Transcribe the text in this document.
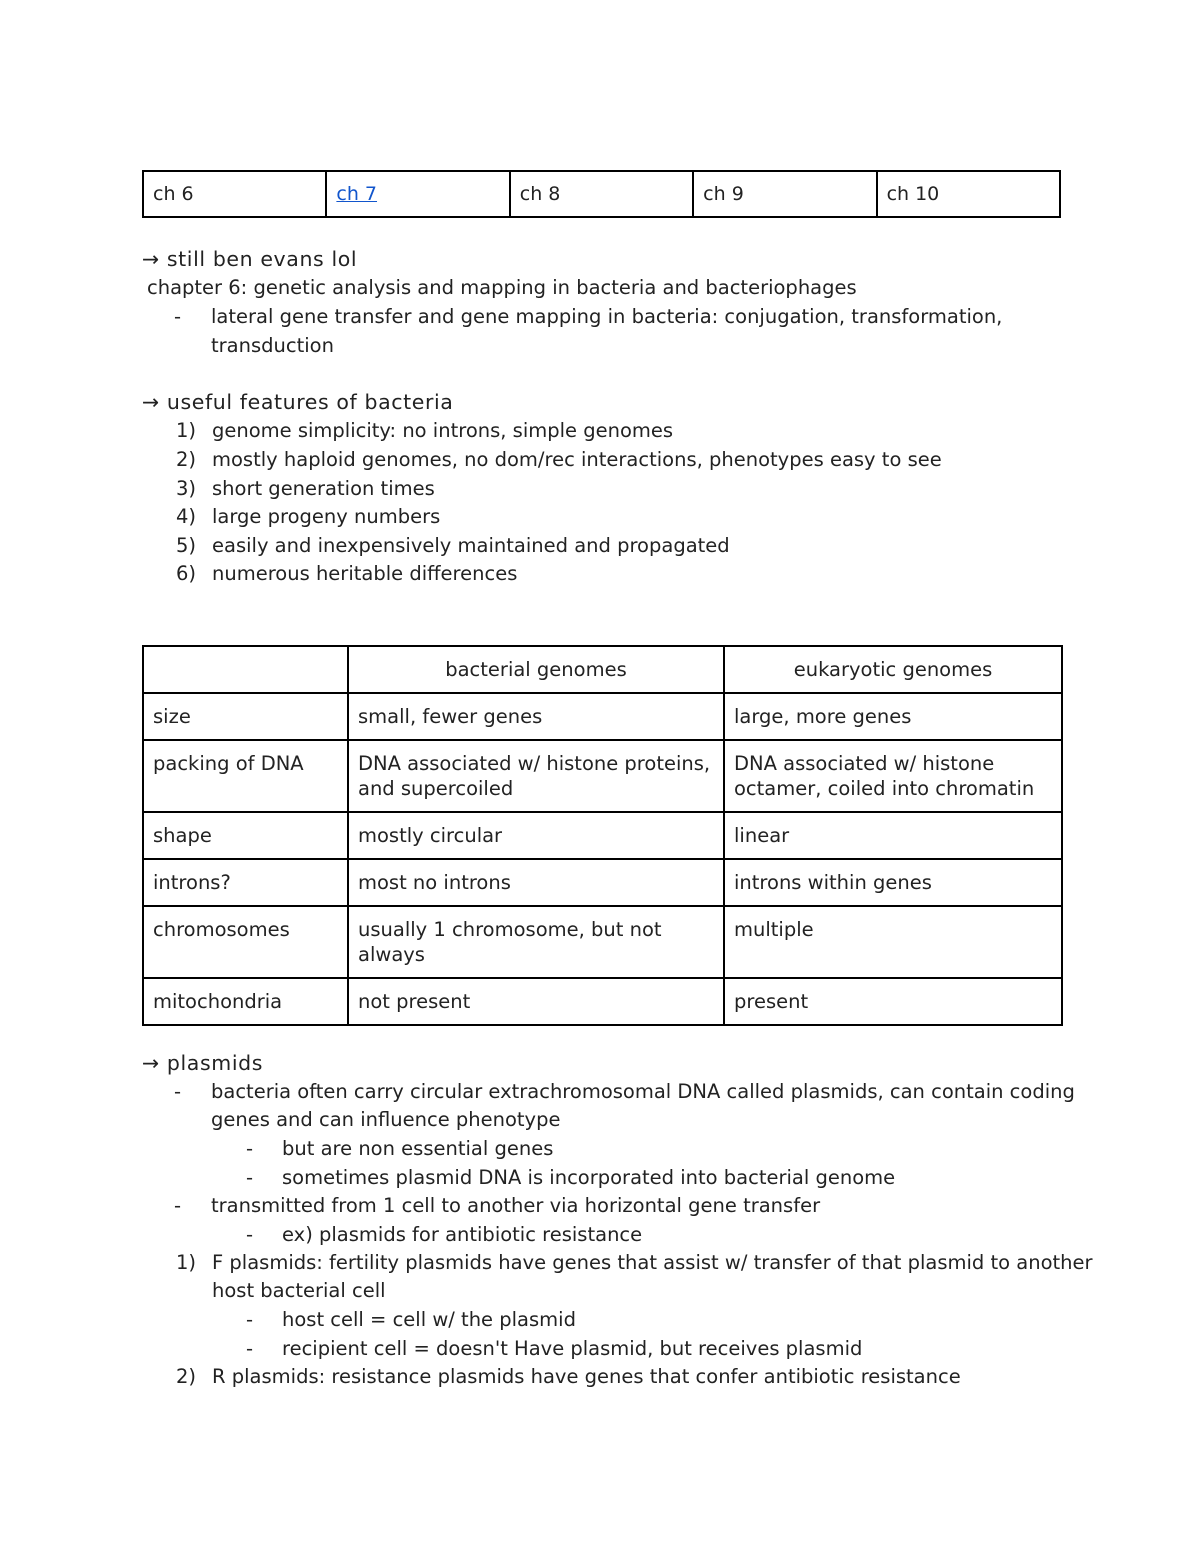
ch 6	ch 7	ch 8	ch 9	ch 10
→ still ben evans lol
chapter 6: genetic analysis and mapping in bacteria and bacteriophages
- lateral gene transfer and gene mapping in bacteria: conjugation, transformation,
transduction
→ useful features of bacteria
1) genome simplicity: no introns, simple genomes
2) mostly haploid genomes, no dom/rec interactions, phenotypes easy to see
3) short generation times
4) large progeny numbers
5) easily and inexpensively maintained and propagated
6) numerous heritable differences
	bacterial genomes	eukaryotic genomes
size	small, fewer genes	large, more genes
packing of DNA	DNA associated w/ histone proteins, and supercoiled	DNA associated w/ histone octamer, coiled into chromatin
shape	mostly circular	linear
introns?	most no introns	introns within genes
chromosomes	usually 1 chromosome, but not always	multiple
mitochondria	not present	present
→ plasmids
- bacteria often carry circular extrachromosomal DNA called plasmids, can contain coding
genes and can influence phenotype
- but are non essential genes
- sometimes plasmid DNA is incorporated into bacterial genome
- transmitted from 1 cell to another via horizontal gene transfer
- ex) plasmids for antibiotic resistance
1) F plasmids: fertility plasmids have genes that assist w/ transfer of that plasmid to another
host bacterial cell
- host cell = cell w/ the plasmid
- recipient cell = doesn't Have plasmid, but receives plasmid
2) R plasmids: resistance plasmids have genes that confer antibiotic resistance
